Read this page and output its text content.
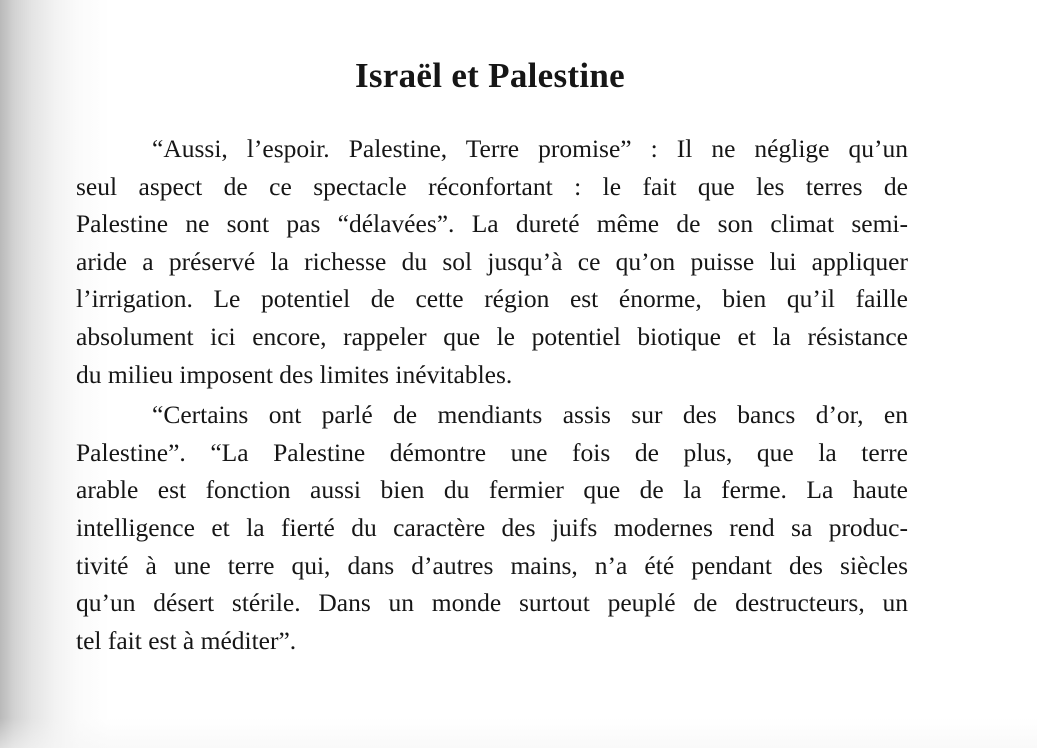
Israël et Palestine
“Aussi, l’espoir. Palestine, Terre promise” : Il ne néglige qu’un
seul aspect de ce spectacle réconfortant : le fait que les terres de
Palestine ne sont pas “délavées”. La dureté même de son climat semi-
aride a préservé la richesse du sol jusqu’à ce qu’on puisse lui appliquer
l’irrigation. Le potentiel de cette région est énorme, bien qu’il faille
absolument ici encore, rappeler que le potentiel biotique et la résistance
du milieu imposent des limites inévitables.
“Certains ont parlé de mendiants assis sur des bancs d’or, en
Palestine”. “La Palestine démontre une fois de plus, que la terre
arable est fonction aussi bien du fermier que de la ferme. La haute
intelligence et la fierté du caractère des juifs modernes rend sa produc-
tivité à une terre qui, dans d’autres mains, n’a été pendant des siècles
qu’un désert stérile. Dans un monde surtout peuplé de destructeurs, un
tel fait est à méditer”.
